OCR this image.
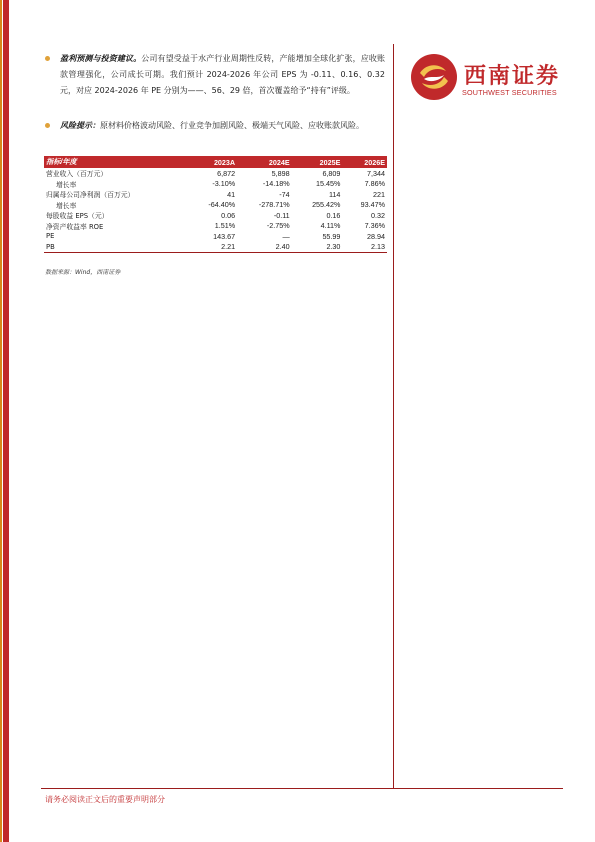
西南证券
SOUTHWEST SECURITIES
盈利预测与投资建议。公司有望受益于水产行业周期性反转，产能增加全球化扩张，应收账款管理强化，公司成长可期。我们预计 2024-2026 年公司 EPS 为 -0.11、0.16、0.32 元，对应 2024-2026 年 PE 分别为——、56、29 倍，首次覆盖给予“持有”评级。
风险提示：原材料价格波动风险、行业竞争加剧风险、极端天气风险、应收账款风险。
指标/年度	2023A	2024E	2025E	2026E
营业收入（百万元）	6,872	5,898	6,809	7,344
增长率	-3.10%	-14.18%	15.45%	7.86%
归属母公司净利润（百万元）	41	-74	114	221
增长率	-64.40%	-278.71%	255.42%	93.47%
每股收益 EPS（元）	0.06	-0.11	0.16	0.32
净资产收益率 ROE	1.51%	-2.75%	4.11%	7.36%
PE	143.67	—	55.99	28.94
PB	2.21	2.40	2.30	2.13
数据来源：Wind，西南证券
请务必阅读正文后的重要声明部分
